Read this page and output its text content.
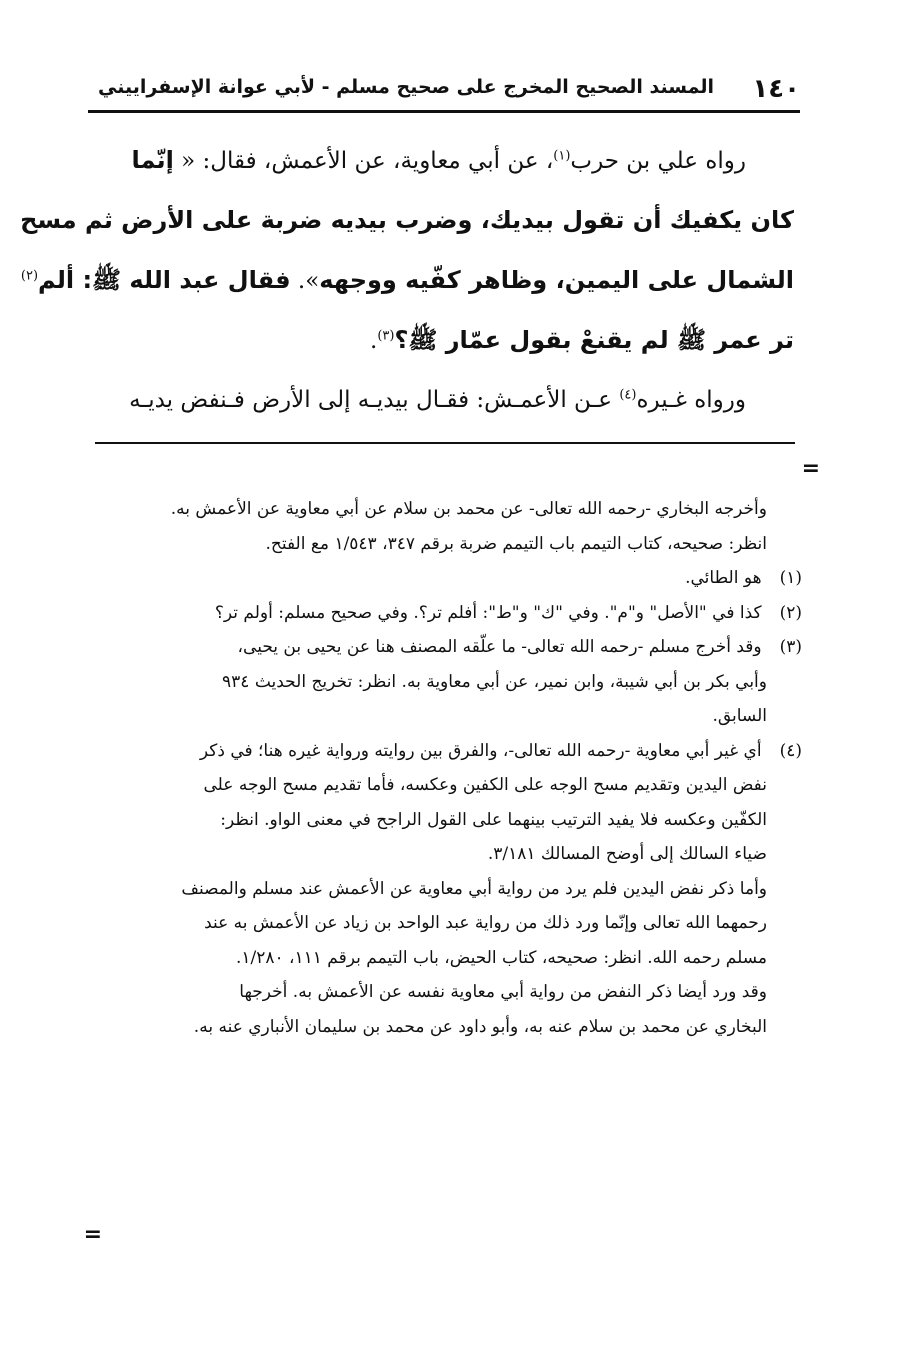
١٤٠
المسند الصحيح المخرج على صحيح مسلم - لأبي عوانة الإسفراييني
رواه علي بن حرب$^{(١)}$، عن أبي معاوية، عن الأعمش، فقال: « إنّما
كان يكفيك أن تقول بيديك، وضرب بيديه ضربة على الأرض ثم مسح
الشمال على اليمين، وظاهر كفّيه ووجهه». فقال عبد الله ﷺ: ألم$^{(٢)}$
تر عمر ﷺ لم يقنعْ بقول عمّار ﷺ؟$^{(٣)}$.
ورواه غـيره$^{(٤)}$ عـن الأعمـش: فقـال بيديـه إلى الأرض فـنفض يديـه
=
وأخرجه البخاري -رحمه الله تعالى- عن محمد بن سلام عن أبي معاوية عن الأعمش به.
انظر: صحيحه، كتاب التيمم باب التيمم ضربة برقم ٣٤٧، ١/٥٤٣ مع الفتح.
(١) هو الطائي.
(٢) كذا في "الأصل" و"م". وفي "ك" و"ط": أفلم تر؟. وفي صحيح مسلم: أولم تر؟
(٣) وقد أخرج مسلم -رحمه الله تعالى- ما علّقه المصنف هنا عن يحيى بن يحيى،
وأبي بكر بن أبي شيبة، وابن نمير، عن أبي معاوية به. انظر: تخريج الحديث ٩٣٤
السابق.
(٤) أي غير أبي معاوية -رحمه الله تعالى-، والفرق بين روايته ورواية غيره هنا؛ في ذكر
نفض اليدين وتقديم مسح الوجه على الكفين وعكسه، فأما تقديم مسح الوجه على
الكفّين وعكسه فلا يفيد الترتيب بينهما على القول الراجح في معنى الواو. انظر:
ضياء السالك إلى أوضح المسالك ٣/١٨١.
وأما ذكر نفض اليدين فلم يرد من رواية أبي معاوية عن الأعمش عند مسلم والمصنف
رحمهما الله تعالى وإنّما ورد ذلك من رواية عبد الواحد بن زياد عن الأعمش به عند
مسلم رحمه الله. انظر: صحيحه، كتاب الحيض، باب التيمم برقم ١١١، ١/٢٨٠.
وقد ورد أيضا ذكر النفض من رواية أبي معاوية نفسه عن الأعمش به. أخرجها
البخاري عن محمد بن سلام عنه به، وأبو داود عن محمد بن سليمان الأنباري عنه به.
=
